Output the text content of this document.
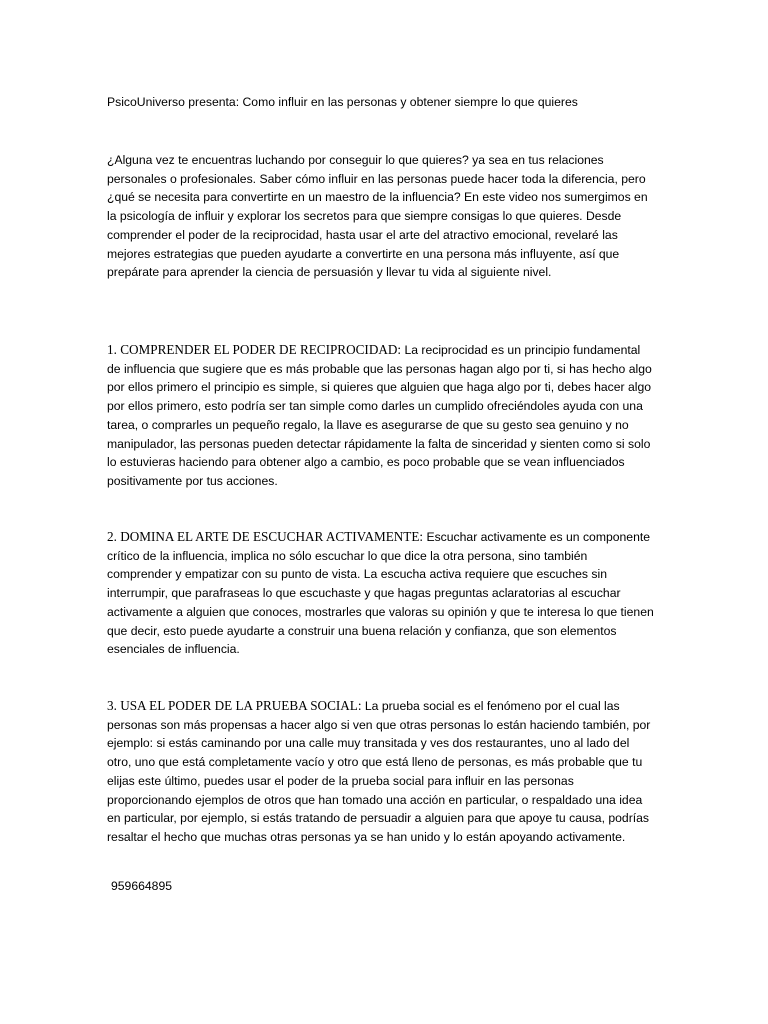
PsicoUniverso presenta: Como influir en las personas y obtener siempre lo que quieres
¿Alguna vez te encuentras luchando por conseguir lo que quieres? ya sea en tus relaciones personales o profesionales. Saber cómo influir en las personas puede hacer toda la diferencia, pero ¿qué se necesita para convertirte en un maestro de la influencia? En este video nos sumergimos en la psicología de influir y explorar los secretos para que siempre consigas lo que quieres. Desde comprender el poder de la reciprocidad, hasta usar el arte del atractivo emocional, revelaré las mejores estrategias que pueden ayudarte a convertirte en una persona más influyente, así que prepárate para aprender la ciencia de persuasión y llevar tu vida al siguiente nivel.
1. COMPRENDER EL PODER DE RECIPROCIDAD: La reciprocidad es un principio fundamental de influencia que sugiere que es más probable que las personas hagan algo por ti, si has hecho algo por ellos primero el principio es simple, si quieres que alguien que haga algo por ti, debes hacer algo por ellos primero, esto podría ser tan simple como darles un cumplido ofreciéndoles ayuda con una tarea, o comprarles un pequeño regalo, la llave es asegurarse de que su gesto sea genuino y no manipulador, las personas pueden detectar rápidamente la falta de sinceridad y sienten como si solo lo estuvieras haciendo para obtener algo a cambio, es poco probable que se vean influenciados positivamente por tus acciones.
2. DOMINA EL ARTE DE ESCUCHAR ACTIVAMENTE: Escuchar activamente es un componente crítico de la influencia, implica no sólo escuchar lo que dice la otra persona, sino también comprender y empatizar con su punto de vista. La escucha activa requiere que escuches sin interrumpir, que parafraseas lo que escuchaste y que hagas preguntas aclaratorias al escuchar activamente a alguien que conoces, mostrarles que valoras su opinión y que te interesa lo que tienen que decir, esto puede ayudarte a construir una buena relación y confianza, que son elementos esenciales de influencia.
3. USA EL PODER DE LA PRUEBA SOCIAL: La prueba social es el fenómeno por el cual las personas son más propensas a hacer algo si ven que otras personas lo están haciendo también, por ejemplo: si estás caminando por una calle muy transitada y ves dos restaurantes, uno al lado del otro, uno que está completamente vacío y otro que está lleno de personas, es más probable que tu elijas este último, puedes usar el poder de la prueba social para influir en las personas proporcionando ejemplos de otros que han tomado una acción en particular, o respaldado una idea en particular, por ejemplo, si estás tratando de persuadir a alguien para que apoye tu causa, podrías resaltar el hecho que muchas otras personas ya se han unido y lo están apoyando activamente.
959664895
